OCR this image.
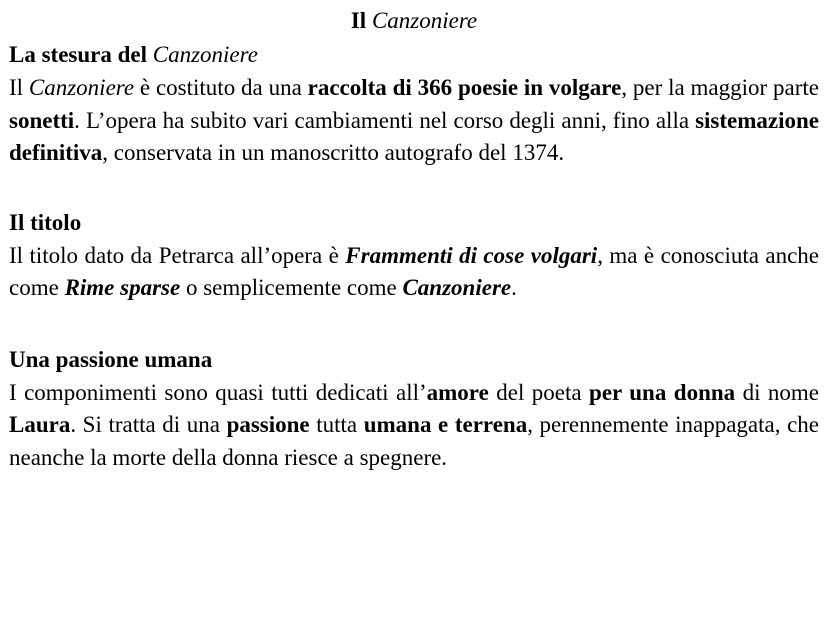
Il Canzoniere
La stesura del Canzoniere

Il Canzoniere è costituto da una raccolta di 366 poesie in volgare, per la maggior parte sonetti. L’opera ha subito vari cambiamenti nel corso degli anni, fino alla sistemazione definitiva, conservata in un manoscritto autografo del 1374.

Il titolo

Il titolo dato da Petrarca all’opera è Frammenti di cose volgari, ma è conosciuta anche come Rime sparse o semplicemente come Canzoniere.

Una passione umana

I componimenti sono quasi tutti dedicati all’amore del poeta per una donna di nome Laura. Si tratta di una passione tutta umana e terrena, perennemente inappagata, che neanche la morte della donna riesce a spegnere.
